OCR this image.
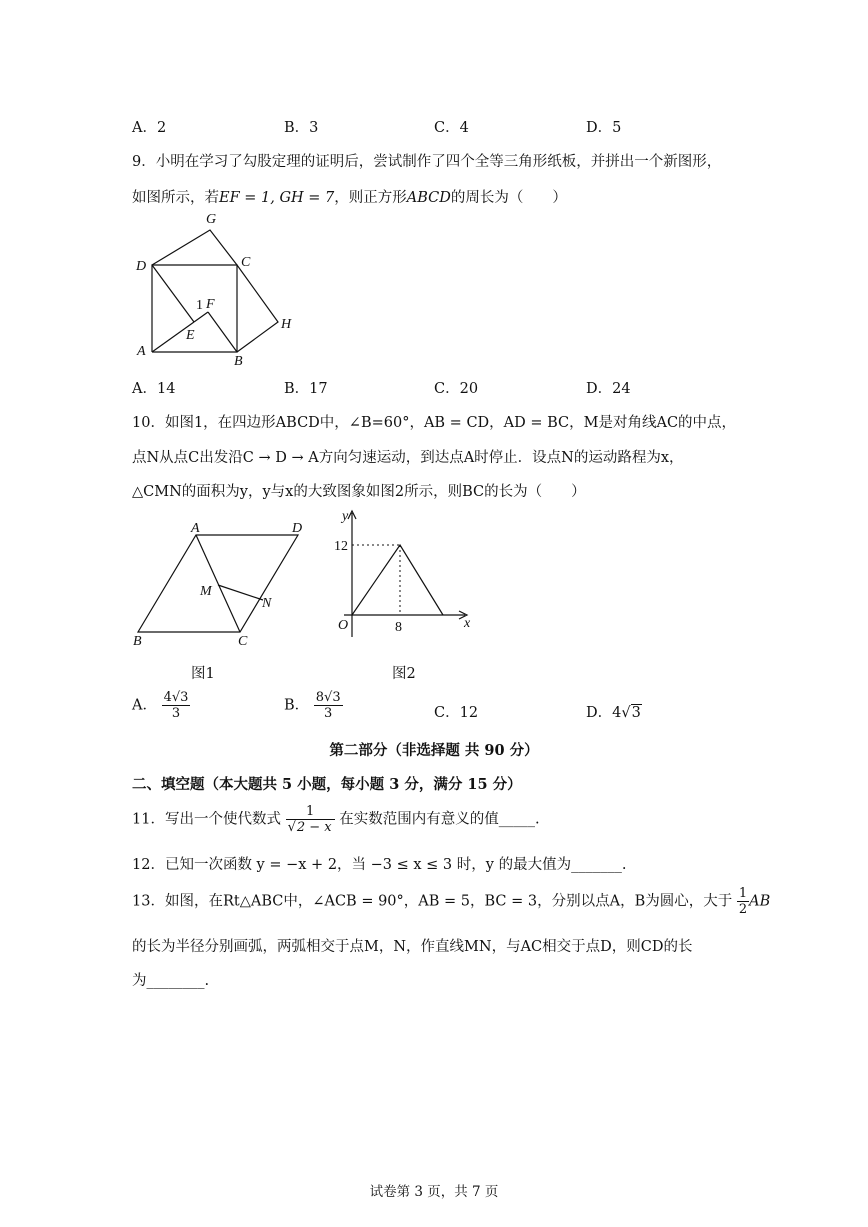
A．2	B．3	C．4	D．5
9．小明在学习了勾股定理的证明后，尝试制作了四个全等三角形纸板，并拼出一个新图形，
如图所示，若EF = 1, GH = 7，则正方形ABCD的周长为（　　）
G
D	C
1 F
E
H
A
B
A．14	B．17	C．20	D．24
10．如图1，在四边形ABCD中，∠B=60°，AB = CD，AD = BC，M是对角线AC的中点，
点N从点C出发沿C → D → A方向匀速运动，到达点A时停止．设点N的运动路程为x，
△CMN的面积为y，y与x的大致图象如图2所示，则BC的长为（　　）
A	D
M
N
B	C
y
12
O	8	x
图1	图2
A． $\frac{4√3}{3}$	B． $\frac{8√3}{3}$	C．12	D．4√3
第二部分（非选择题 共 90 分）
二、填空题（本大题共 5 小题，每小题 3 分，满分 15 分）
11．写出一个使代数式 $\frac{1}{√2 - x}$ 在实数范围内有意义的值_____.
12．已知一次函数 y = −x + 2，当 −3 ≤ x ≤ 3 时，y 的最大值为_______.
13．如图，在Rt△ABC中，∠ACB = 90°，AB = 5，BC = 3，分别以点A，B为圆心，大于 $\frac{1}{2}$ AB
的长为半径分别画弧，两弧相交于点M，N，作直线MN，与AC相交于点D，则CD的长
为________.
试卷第 3 页，共 7 页
